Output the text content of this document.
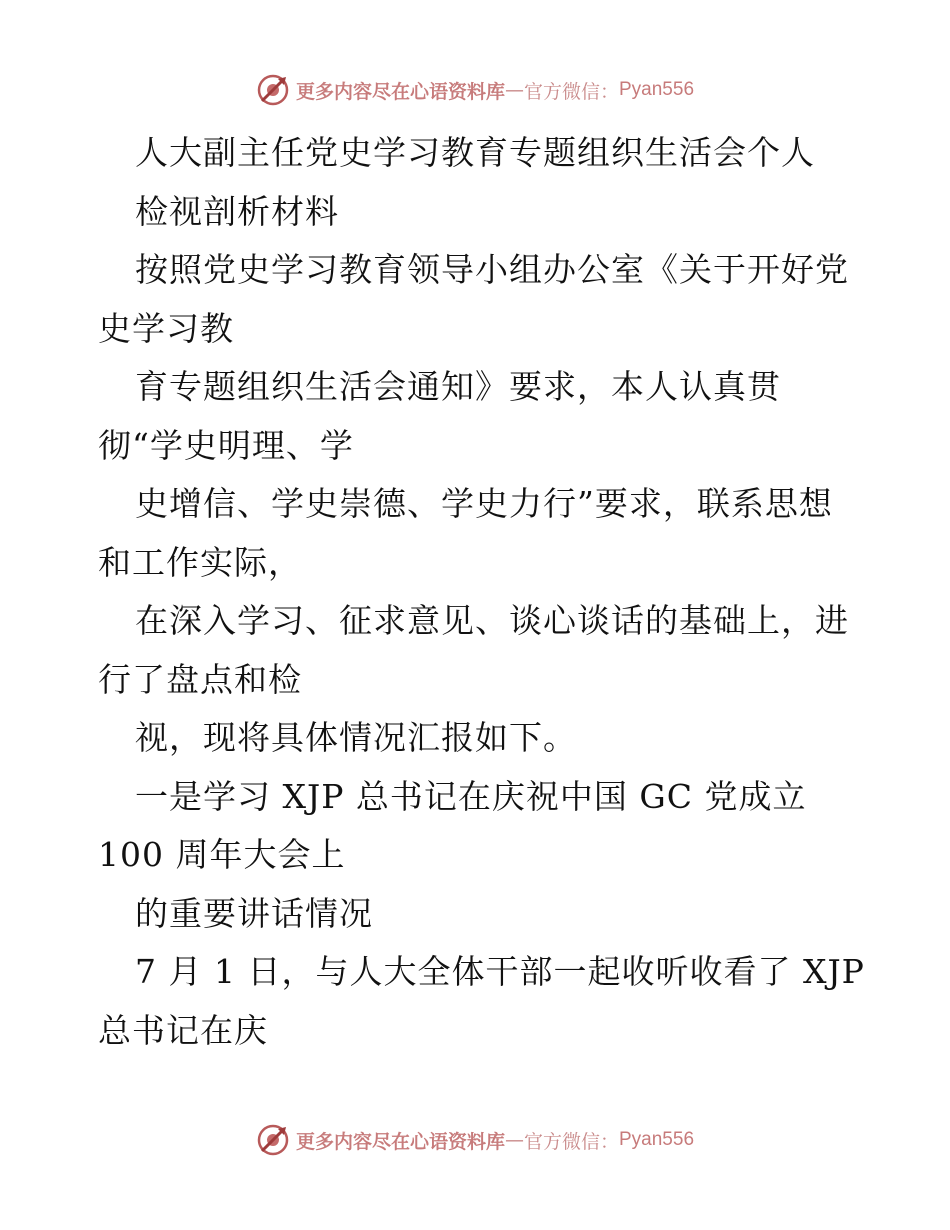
更多内容尽在心语资料库 — 官方微信： Pyan556
人大副主任党史学习教育专题组织生活会个人
检视剖析材料
按照党史学习教育领导小组办公室《关于开好党
史学习教
育专题组织生活会通知》要求，本人认真贯
彻“学史明理、学
史增信、学史崇德、学史力行”要求，联系思想
和工作实际，
在深入学习、征求意见、谈心谈话的基础上，进
行了盘点和检
视，现将具体情况汇报如下。
一是学习 XJP 总书记在庆祝中国 GC 党成立
100 周年大会上
的重要讲话情况
7 月 1 日，与人大全体干部一起收听收看了 XJP
总书记在庆
更多内容尽在心语资料库 — 官方微信： Pyan556
